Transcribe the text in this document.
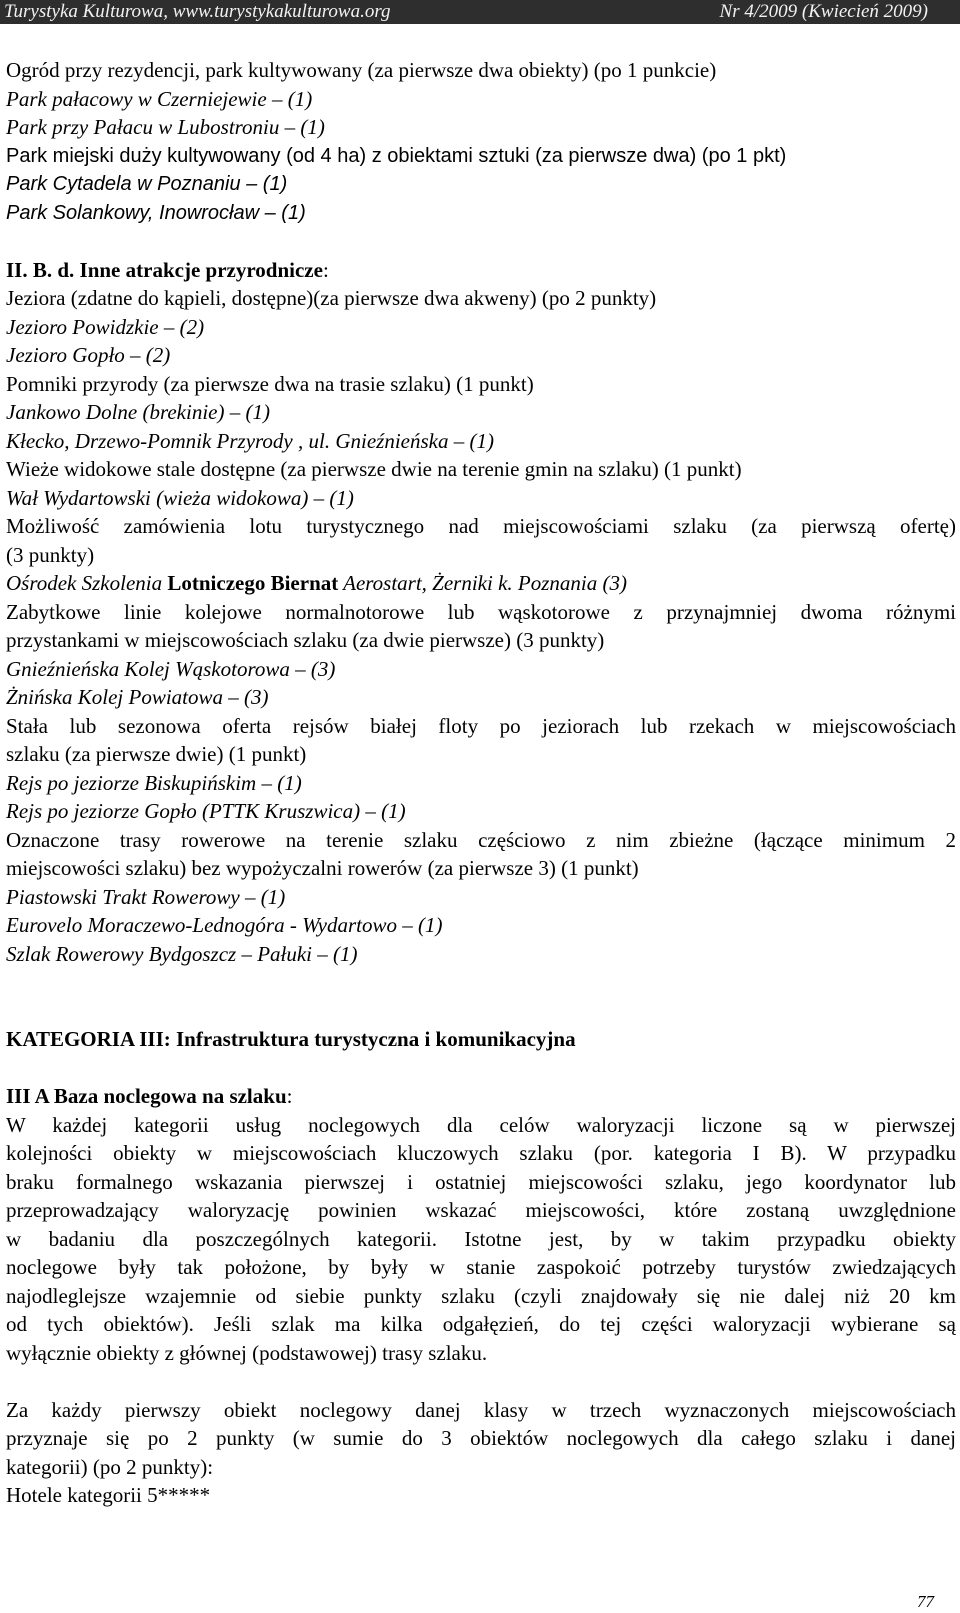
Turystyka Kulturowa, www.turystykakulturowa.org	Nr 4/2009 (Kwiecień 2009)
Ogród przy rezydencji, park kultywowany (za pierwsze dwa obiekty) (po 1 punkcie)
Park pałacowy w Czerniejewie – (1)
Park przy Pałacu w Lubostroniu – (1)
Park miejski duży kultywowany (od 4 ha) z obiektami sztuki (za pierwsze dwa) (po 1 pkt)
Park Cytadela w Poznaniu – (1)
Park Solankowy, Inowrocław – (1)
II. B. d. Inne atrakcje przyrodnicze:
Jeziora (zdatne do kąpieli, dostępne)(za pierwsze dwa akweny) (po 2 punkty)
Jezioro Powidzkie – (2)
Jezioro Gopło – (2)
Pomniki przyrody (za pierwsze dwa na trasie szlaku) (1 punkt)
Jankowo Dolne (brekinie) – (1)
Kłecko, Drzewo-Pomnik Przyrody , ul. Gnieźnieńska – (1)
Wieże widokowe stale dostępne (za pierwsze dwie na terenie gmin na szlaku) (1 punkt)
Wał Wydartowski (wieża widokowa) – (1)
Możliwość zamówienia lotu turystycznego nad miejscowościami szlaku (za pierwszą ofertę)
(3 punkty)
Ośrodek Szkolenia Lotniczego Biernat Aerostart, Żerniki k. Poznania (3)
Zabytkowe linie kolejowe normalnotorowe lub wąskotorowe z przynajmniej dwoma różnymi
przystankami w miejscowościach szlaku (za dwie pierwsze) (3 punkty)
Gnieźnieńska Kolej Wąskotorowa – (3)
Żnińska Kolej Powiatowa – (3)
Stała lub sezonowa oferta rejsów białej floty po jeziorach lub rzekach w miejscowościach
szlaku (za pierwsze dwie) (1 punkt)
Rejs po jeziorze Biskupińskim – (1)
Rejs po jeziorze Gopło (PTTK Kruszwica) – (1)
Oznaczone trasy rowerowe na terenie szlaku częściowo z nim zbieżne (łączące minimum 2
miejscowości szlaku) bez wypożyczalni rowerów (za pierwsze 3) (1 punkt)
Piastowski Trakt Rowerowy – (1)
Eurovelo Moraczewo-Lednogóra - Wydartowo – (1)
Szlak Rowerowy Bydgoszcz – Pałuki – (1)
KATEGORIA III: Infrastruktura turystyczna i komunikacyjna
III A Baza noclegowa na szlaku:
W każdej kategorii usług noclegowych dla celów waloryzacji liczone są w pierwszej
kolejności obiekty w miejscowościach kluczowych szlaku (por. kategoria I B). W przypadku
braku formalnego wskazania pierwszej i ostatniej miejscowości szlaku, jego koordynator lub
przeprowadzający waloryzację powinien wskazać miejscowości, które zostaną uwzględnione
w badaniu dla poszczególnych kategorii. Istotne jest, by w takim przypadku obiekty
noclegowe były tak położone, by były w stanie zaspokoić potrzeby turystów zwiedzających
najodleglejsze wzajemnie od siebie punkty szlaku (czyli znajdowały się nie dalej niż 20 km
od tych obiektów). Jeśli szlak ma kilka odgałęzień, do tej części waloryzacji wybierane są
wyłącznie obiekty z głównej (podstawowej) trasy szlaku.
Za każdy pierwszy obiekt noclegowy danej klasy w trzech wyznaczonych miejscowościach
przyznaje się po 2 punkty (w sumie do 3 obiektów noclegowych dla całego szlaku i danej
kategorii) (po 2 punkty):
Hotele kategorii 5*****
77
